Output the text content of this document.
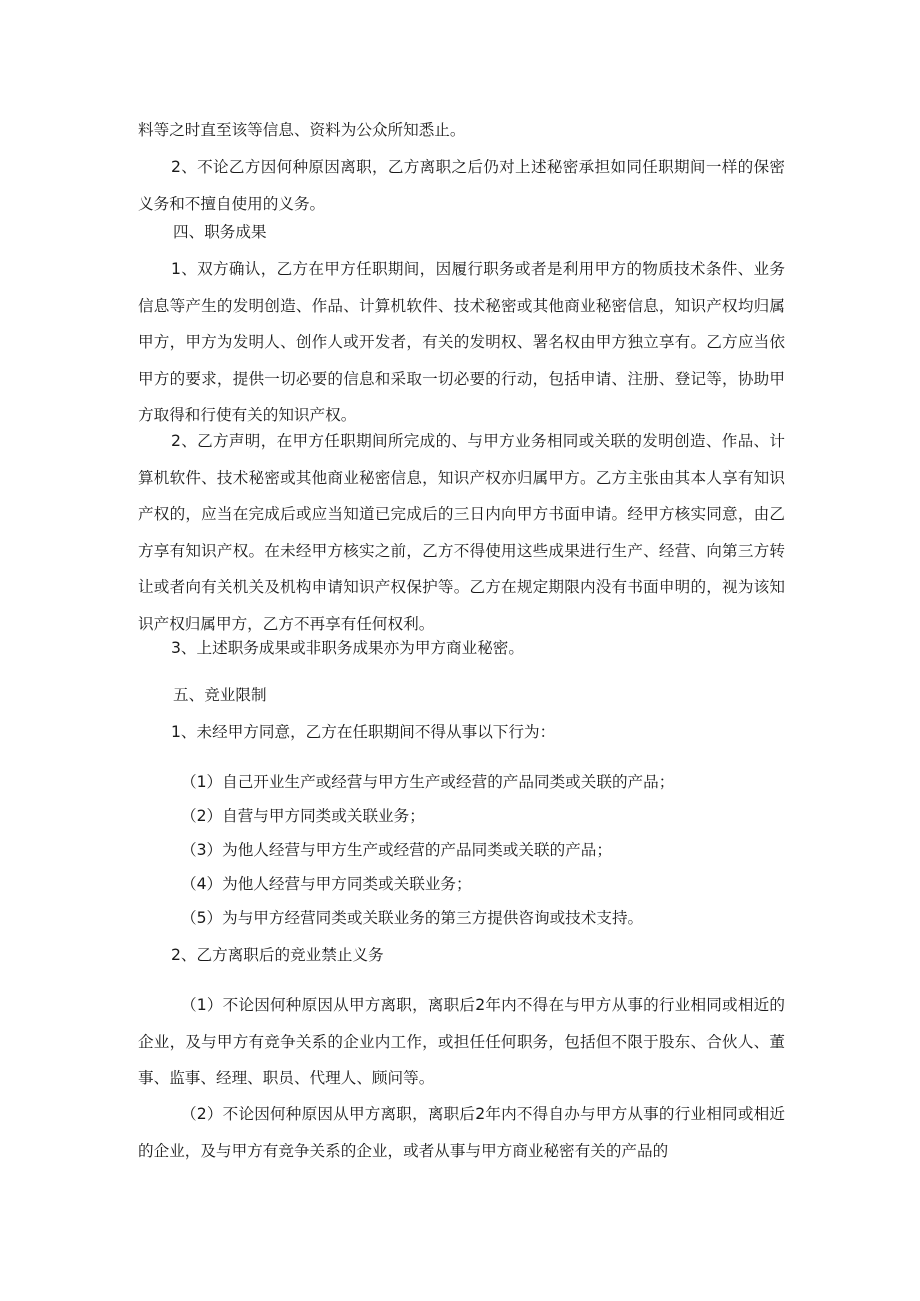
料等之时直至该等信息、资料为公众所知悉止。
2、不论乙方因何种原因离职，乙方离职之后仍对上述秘密承担如同任职期间一样的保密义务和不擅自使用的义务。
四、职务成果
1、双方确认，乙方在甲方任职期间，因履行职务或者是利用甲方的物质技术条件、业务信息等产生的发明创造、作品、计算机软件、技术秘密或其他商业秘密信息，知识产权均归属甲方，甲方为发明人、创作人或开发者，有关的发明权、署名权由甲方独立享有。乙方应当依甲方的要求，提供一切必要的信息和采取一切必要的行动，包括申请、注册、登记等，协助甲方取得和行使有关的知识产权。
2、乙方声明，在甲方任职期间所完成的、与甲方业务相同或关联的发明创造、作品、计算机软件、技术秘密或其他商业秘密信息，知识产权亦归属甲方。乙方主张由其本人享有知识产权的，应当在完成后或应当知道已完成后的三日内向甲方书面申请。经甲方核实同意，由乙方享有知识产权。在未经甲方核实之前，乙方不得使用这些成果进行生产、经营、向第三方转让或者向有关机关及机构申请知识产权保护等。乙方在规定期限内没有书面申明的，视为该知识产权归属甲方，乙方不再享有任何权利。
3、上述职务成果或非职务成果亦为甲方商业秘密。
五、竞业限制
1、未经甲方同意，乙方在任职期间不得从事以下行为：
（1）自己开业生产或经营与甲方生产或经营的产品同类或关联的产品；
（2）自营与甲方同类或关联业务；
（3）为他人经营与甲方生产或经营的产品同类或关联的产品；
（4）为他人经营与甲方同类或关联业务；
（5）为与甲方经营同类或关联业务的第三方提供咨询或技术支持。
2、乙方离职后的竞业禁止义务
（1）不论因何种原因从甲方离职，离职后2年内不得在与甲方从事的行业相同或相近的企业，及与甲方有竞争关系的企业内工作，或担任任何职务，包括但不限于股东、合伙人、董事、监事、经理、职员、代理人、顾问等。
（2）不论因何种原因从甲方离职，离职后2年内不得自办与甲方从事的行业相同或相近的企业，及与甲方有竞争关系的企业，或者从事与甲方商业秘密有关的产品的
